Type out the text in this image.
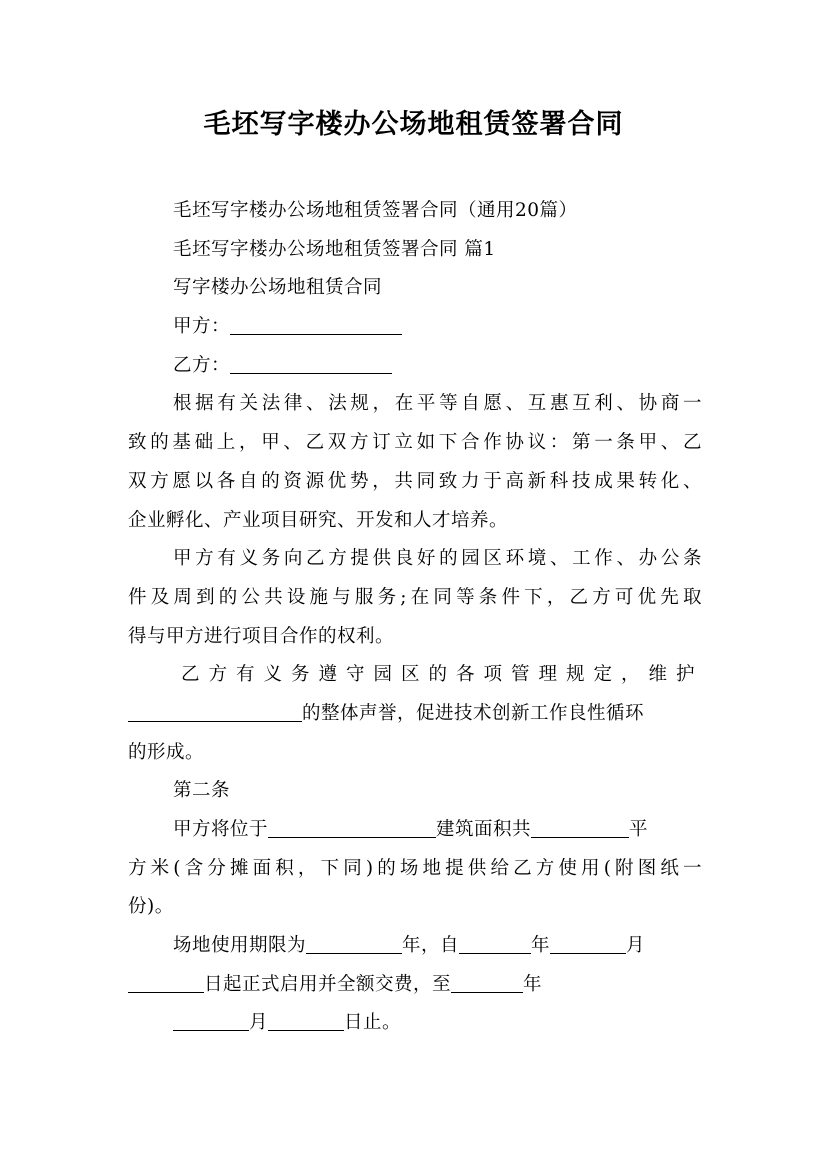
毛坯写字楼办公场地租赁签署合同
毛坯写字楼办公场地租赁签署合同（通用20篇）
毛坯写字楼办公场地租赁签署合同 篇1
写字楼办公场地租赁合同
甲方：
乙方：
根据有关法律、法规，在平等自愿、互惠互利、协商一
致的基础上，甲、乙双方订立如下合作协议：第一条甲、乙
双方愿以各自的资源优势，共同致力于高新科技成果转化、
企业孵化、产业项目研究、开发和人才培养。
甲方有义务向乙方提供良好的园区环境、工作、办公条
件及周到的公共设施与服务;在同等条件下，乙方可优先取
得与甲方进行项目合作的权利。
乙方有义务遵守园区的各项管理规定，维护
的整体声誉，促进技术创新工作良性循环
的形成。
第二条
甲方将位于	建筑面积共	平
方米(含分摊面积，下同)的场地提供给乙方使用(附图纸一
份)。
场地使用期限为	年，自	年	月
日起正式启用并全额交费，至	年
月	日止。
